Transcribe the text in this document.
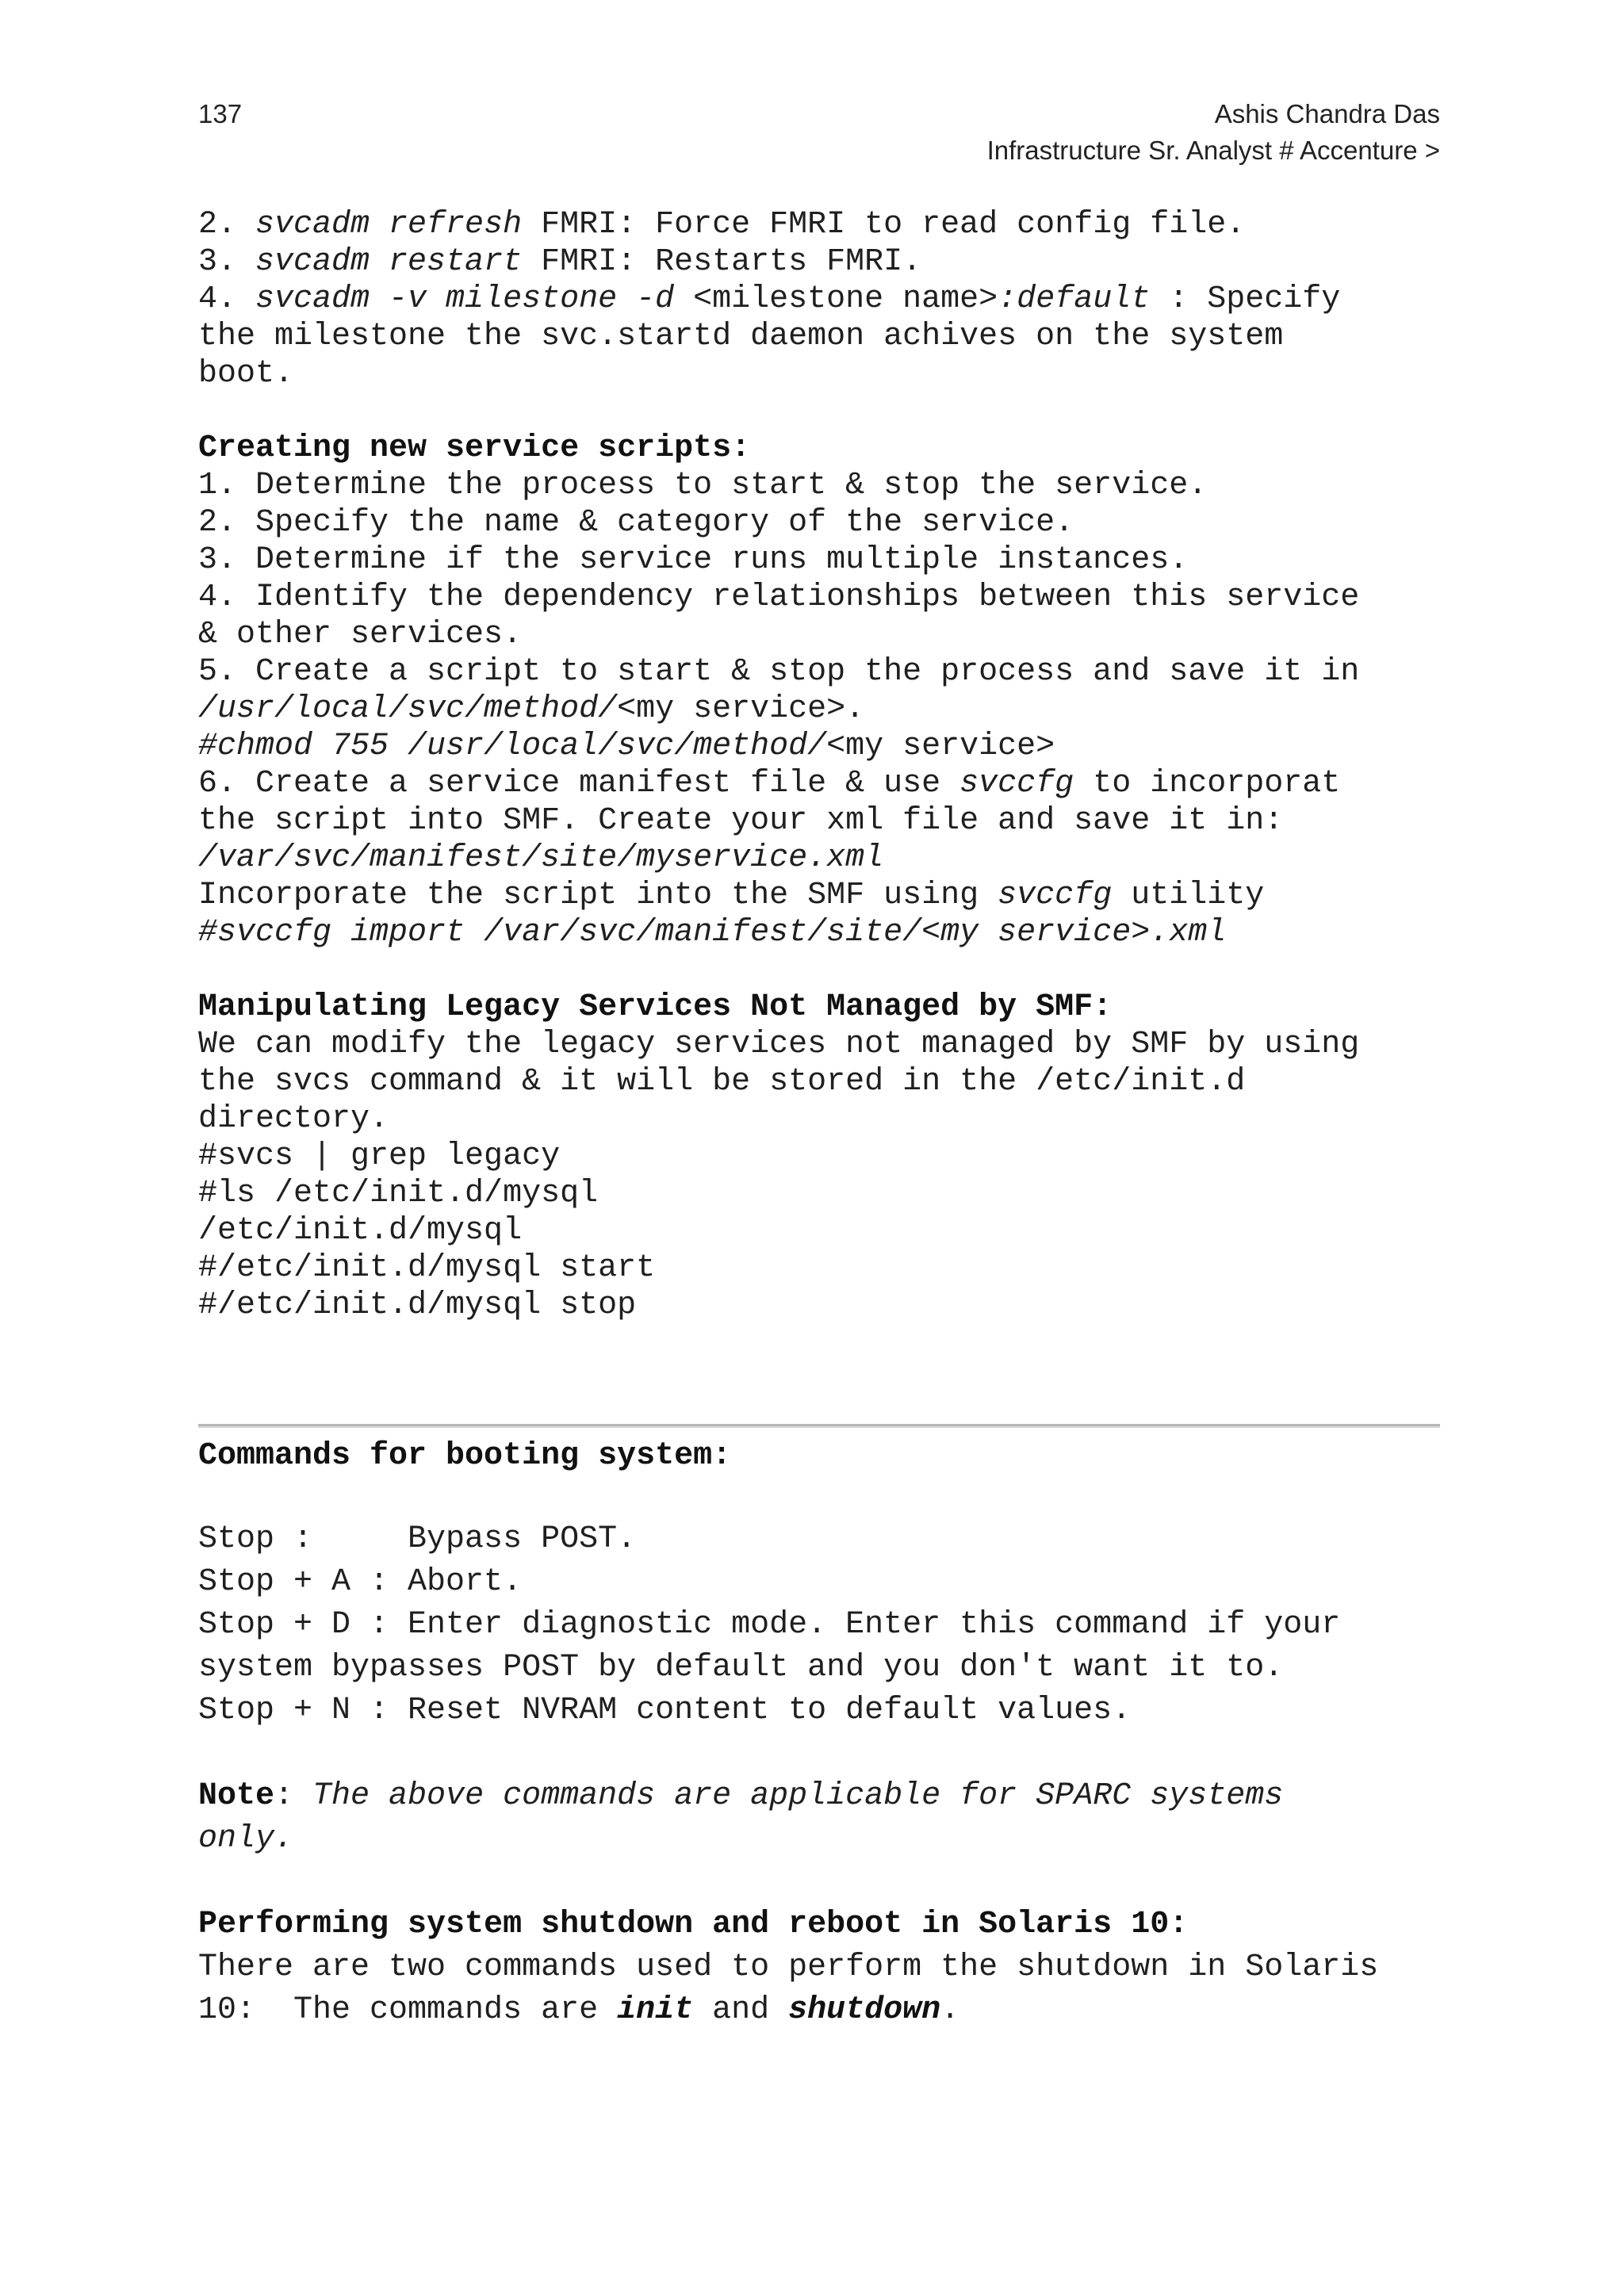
137	Ashis Chandra Das
Infrastructure Sr. Analyst # Accenture >
2. svcadm refresh FMRI: Force FMRI to read config file.
3. svcadm restart FMRI: Restarts FMRI.
4. svcadm -v milestone -d <milestone name>:default : Specify
the milestone the svc.startd daemon achives on the system
boot.
Creating new service scripts:
1. Determine the process to start & stop the service.
2. Specify the name & category of the service.
3. Determine if the service runs multiple instances.
4. Identify the dependency relationships between this service
& other services.
5. Create a script to start & stop the process and save it in
/usr/local/svc/method/<my service>.
#chmod 755 /usr/local/svc/method/<my service>
6. Create a service manifest file & use svccfg to incorporat
the script into SMF. Create your xml file and save it in:
/var/svc/manifest/site/myservice.xml
Incorporate the script into the SMF using svccfg utility
#svccfg import /var/svc/manifest/site/<my service>.xml
Manipulating Legacy Services Not Managed by SMF:
We can modify the legacy services not managed by SMF by using
the svcs command & it will be stored in the /etc/init.d
directory.
#svcs | grep legacy
#ls /etc/init.d/mysql
/etc/init.d/mysql
#/etc/init.d/mysql start
#/etc/init.d/mysql stop
Commands for booting system:
Stop :     Bypass POST.
Stop + A : Abort.
Stop + D : Enter diagnostic mode. Enter this command if your
system bypasses POST by default and you don't want it to.
Stop + N : Reset NVRAM content to default values.
Note: The above commands are applicable for SPARC systems
only.
Performing system shutdown and reboot in Solaris 10:
There are two commands used to perform the shutdown in Solaris
10:  The commands are init and shutdown.
